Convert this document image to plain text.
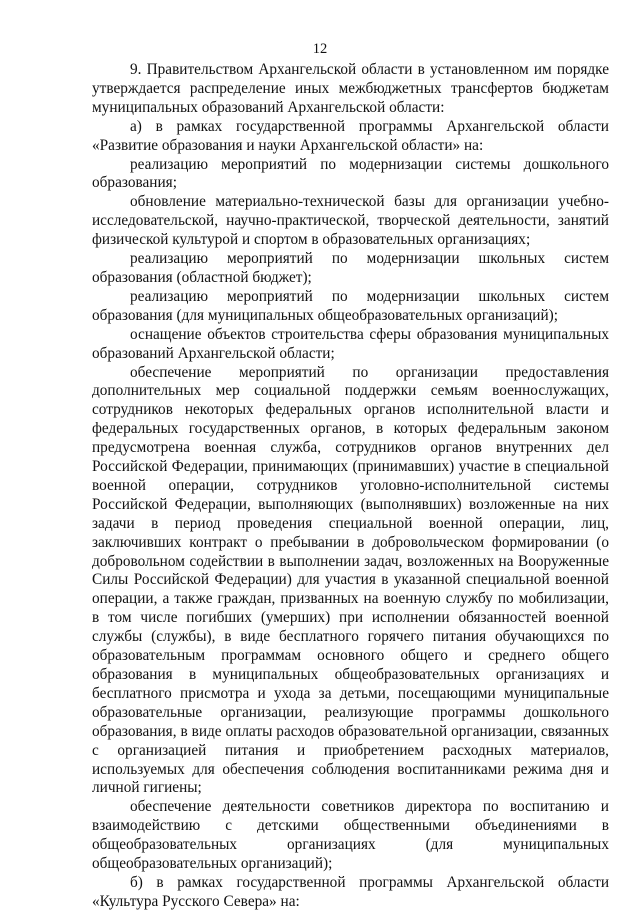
12

9. Правительством Архангельской области в установленном им порядке утверждается распределение иных межбюджетных трансфертов бюджетам муниципальных образований Архангельской области:

а) в рамках государственной программы Архангельской области «Развитие образования и науки Архангельской области» на:

реализацию мероприятий по модернизации системы дошкольного образования;

обновление материально-технической базы для организации учебно-исследовательской, научно-практической, творческой деятельности, занятий физической культурой и спортом в образовательных организациях;

реализацию мероприятий по модернизации школьных систем образования (областной бюджет);

реализацию мероприятий по модернизации школьных систем образования (для муниципальных общеобразовательных организаций);

оснащение объектов строительства сферы образования муниципальных образований Архангельской области;

обеспечение мероприятий по организации предоставления дополнительных мер социальной поддержки семьям военнослужащих, сотрудников некоторых федеральных органов исполнительной власти и федеральных государственных органов, в которых федеральным законом предусмотрена военная служба, сотрудников органов внутренних дел Российской Федерации, принимающих (принимавших) участие в специальной военной операции, сотрудников уголовно-исполнительной системы Российской Федерации, выполняющих (выполнявших) возложенные на них задачи в период проведения специальной военной операции, лиц, заключивших контракт о пребывании в добровольческом формировании (о добровольном содействии в выполнении задач, возложенных на Вооруженные Силы Российской Федерации) для участия в указанной специальной военной операции, а также граждан, призванных на военную службу по мобилизации, в том числе погибших (умерших) при исполнении обязанностей военной службы (службы), в виде бесплатного горячего питания обучающихся по образовательным программам основного общего и среднего общего образования в муниципальных общеобразовательных организациях и бесплатного присмотра и ухода за детьми, посещающими муниципальные образовательные организации, реализующие программы дошкольного образования, в виде оплаты расходов образовательной организации, связанных с организацией питания и приобретением расходных материалов, используемых для обеспечения соблюдения воспитанниками режима дня и личной гигиены;

обеспечение деятельности советников директора по воспитанию и взаимодействию с детскими общественными объединениями в общеобразовательных организациях (для муниципальных общеобразовательных организаций);

б) в рамках государственной программы Архангельской области «Культура Русского Севера» на:
